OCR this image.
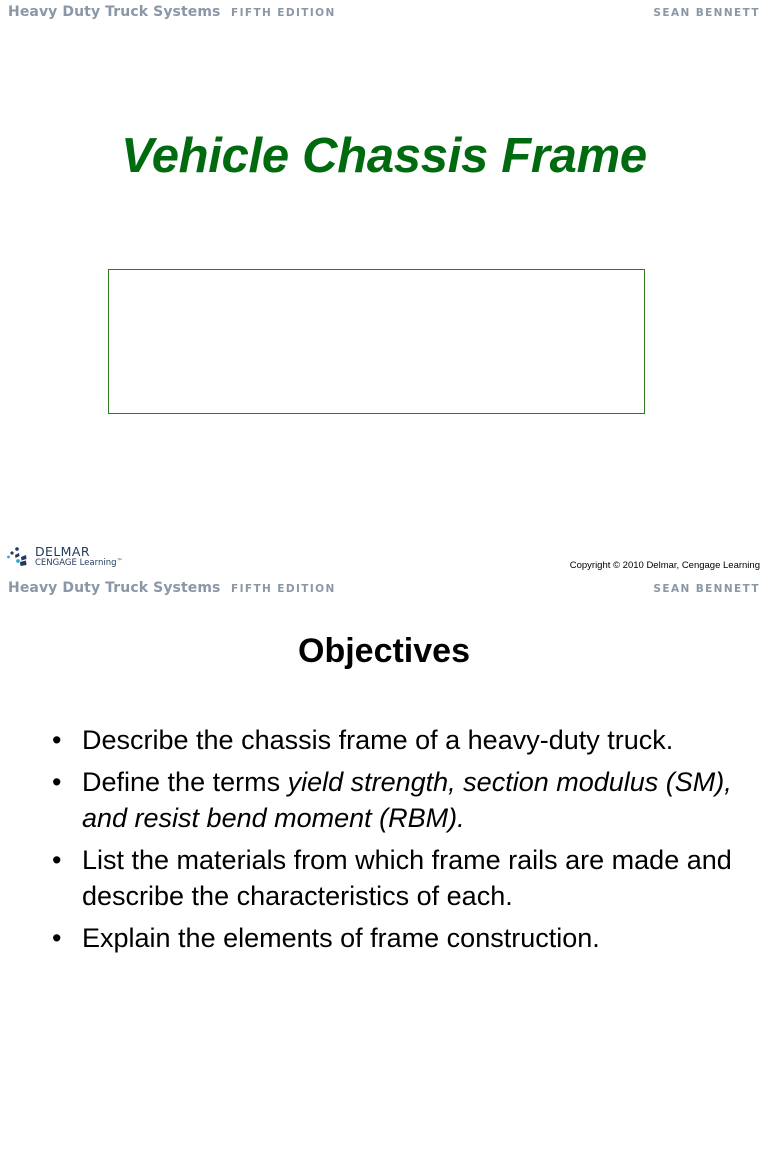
Heavy Duty Truck Systems FIFTH EDITION	SEAN BENNETT
Vehicle Chassis Frame
DELMAR
CENGAGE Learning™	Copyright © 2010 Delmar, Cengage Learning
Heavy Duty Truck Systems FIFTH EDITION	SEAN BENNETT
Objectives
• Describe the chassis frame of a heavy-duty truck.
• Define the terms yield strength, section modulus (SM), and resist bend moment (RBM).
• List the materials from which frame rails are made and describe the characteristics of each.
• Explain the elements of frame construction.
